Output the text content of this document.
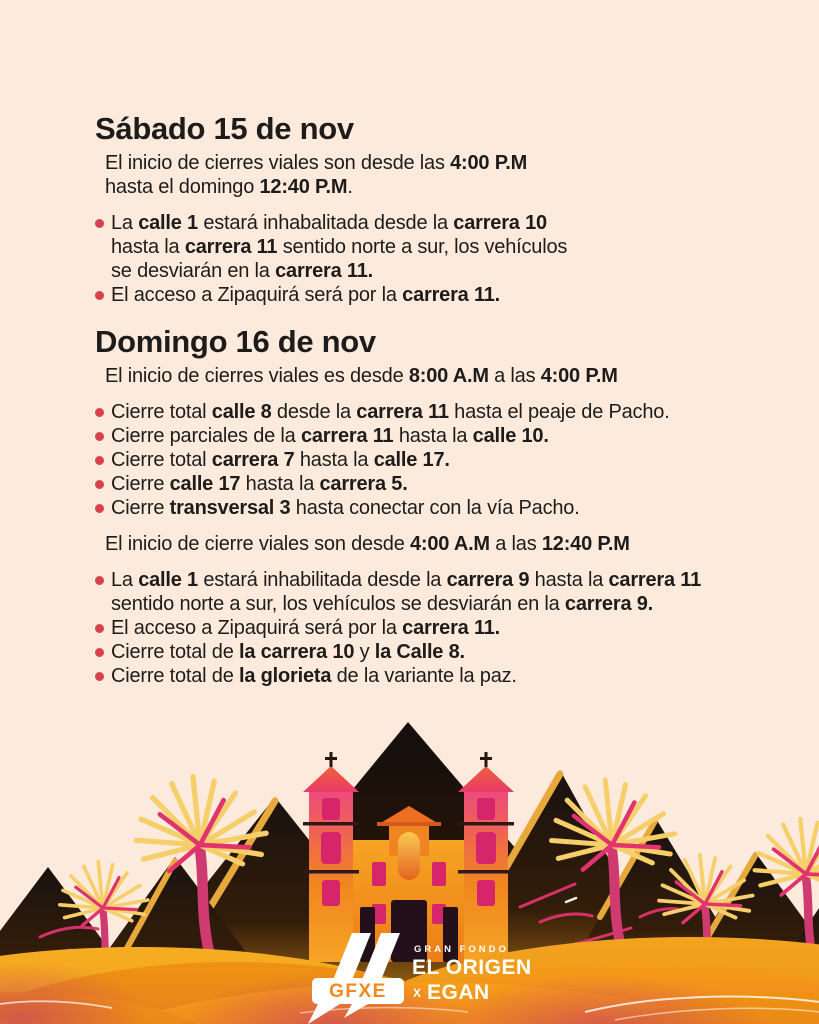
Sábado 15 de nov

El inicio de cierres viales son desde las 4:00 P.M
hasta el domingo 12:40 P.M.

La calle 1 estará inhabalitada desde la carrera 10
hasta la carrera 11 sentido norte a sur, los vehículos
se desviarán en la carrera 11.
El acceso a Zipaquirá será por la carrera 11.
Domingo 16 de nov

El inicio de cierres viales es desde 8:00 A.M a las 4:00 P.M

Cierre total calle 8 desde la carrera 11 hasta el peaje de Pacho.
Cierre parciales de la carrera 11 hasta la calle 10.
Cierre total carrera 7 hasta la calle 17.
Cierre calle 17 hasta la carrera 5.
Cierre transversal 3 hasta conectar con la vía Pacho.

El inicio de cierre viales son desde 4:00 A.M a las 12:40 P.M

La calle 1 estará inhabilitada desde la carrera 9 hasta la carrera 11
sentido norte a sur, los vehículos se desviarán en la carrera 9.
El acceso a Zipaquirá será por la carrera 11.
Cierre total de la carrera 10 y la Calle 8.
Cierre total de la glorieta de la variante la paz.
GFXE
GRAN FONDO
EL ORIGEN
X EGAN
